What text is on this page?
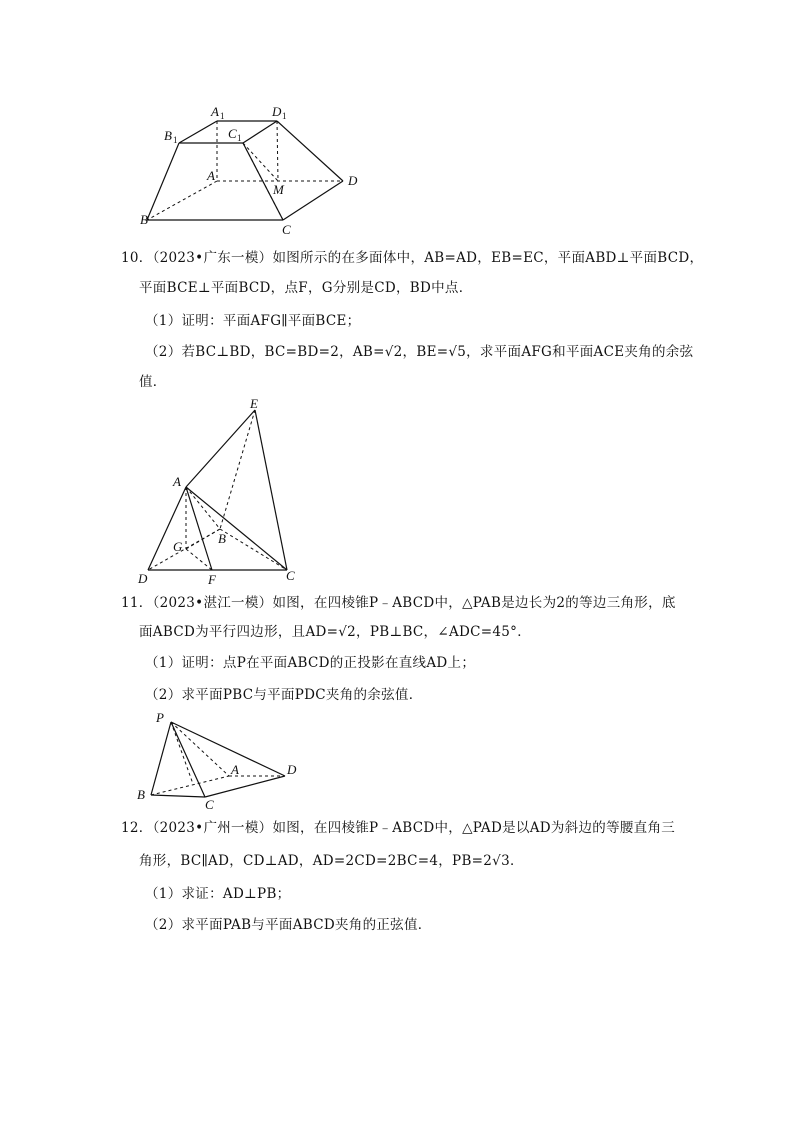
A 1	D 1
B 1	C 1
A
M
D
B
C
10．（2023•广东一模）如图所示的在多面体中，AB=AD，EB=EC，平面ABD⊥平面BCD，
平面BCE⊥平面BCD，点F，G分别是CD，BD中点．
（1）证明：平面AFG∥平面BCE；
（2）若BC⊥BD，BC=BD=2，AB=√2，BE=√5，求平面AFG和平面ACE夹角的余弦
值．
E
A
G
B
D	F	C
11．（2023•湛江一模）如图，在四棱锥P﹣ABCD中，△PAB是边长为2的等边三角形，底
面ABCD为平行四边形，且AD=√2，PB⊥BC，∠ADC=45°．
（1）证明：点P在平面ABCD的正投影在直线AD上；
（2）求平面PBC与平面PDC夹角的余弦值．
P
A	D
B
C
12．（2023•广州一模）如图，在四棱锥P﹣ABCD中，△PAD是以AD为斜边的等腰直角三
角形，BC∥AD，CD⊥AD，AD=2CD=2BC=4，PB=2√3．
（1）求证：AD⊥PB；
（2）求平面PAB与平面ABCD夹角的正弦值．
